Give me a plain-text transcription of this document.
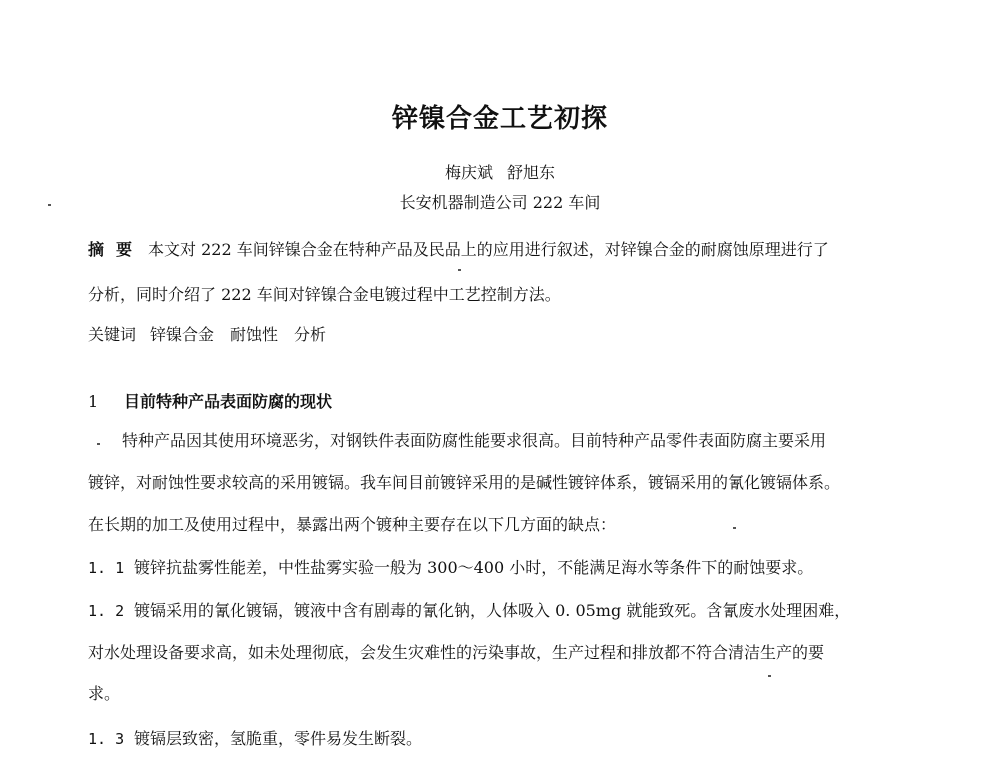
锌镍合金工艺初探
梅庆斌 舒旭东
长安机器制造公司 222 车间
摘 要 本文对 222 车间锌镍合金在特种产品及民品上的应用进行叙述，对锌镍合金的耐腐蚀原理进行了
分析，同时介绍了 222 车间对锌镍合金电镀过程中工艺控制方法。
关键词 锌镍合金 耐蚀性 分析
1 目前特种产品表面防腐的现状
特种产品因其使用环境恶劣，对钢铁件表面防腐性能要求很高。目前特种产品零件表面防腐主要采用
镀锌，对耐蚀性要求较高的采用镀镉。我车间目前镀锌采用的是碱性镀锌体系，镀镉采用的氰化镀镉体系。
在长期的加工及使用过程中，暴露出两个镀种主要存在以下几方面的缺点：
1. 1 镀锌抗盐雾性能差，中性盐雾实验一般为 300～400 小时，不能满足海水等条件下的耐蚀要求。
1. 2 镀镉采用的氰化镀镉，镀液中含有剧毒的氰化钠，人体吸入 0. 05mg 就能致死。含氰废水处理困难，
对水处理设备要求高，如未处理彻底，会发生灾难性的污染事故，生产过程和排放都不符合清洁生产的要
求。
1. 3 镀镉层致密，氢脆重，零件易发生断裂。
